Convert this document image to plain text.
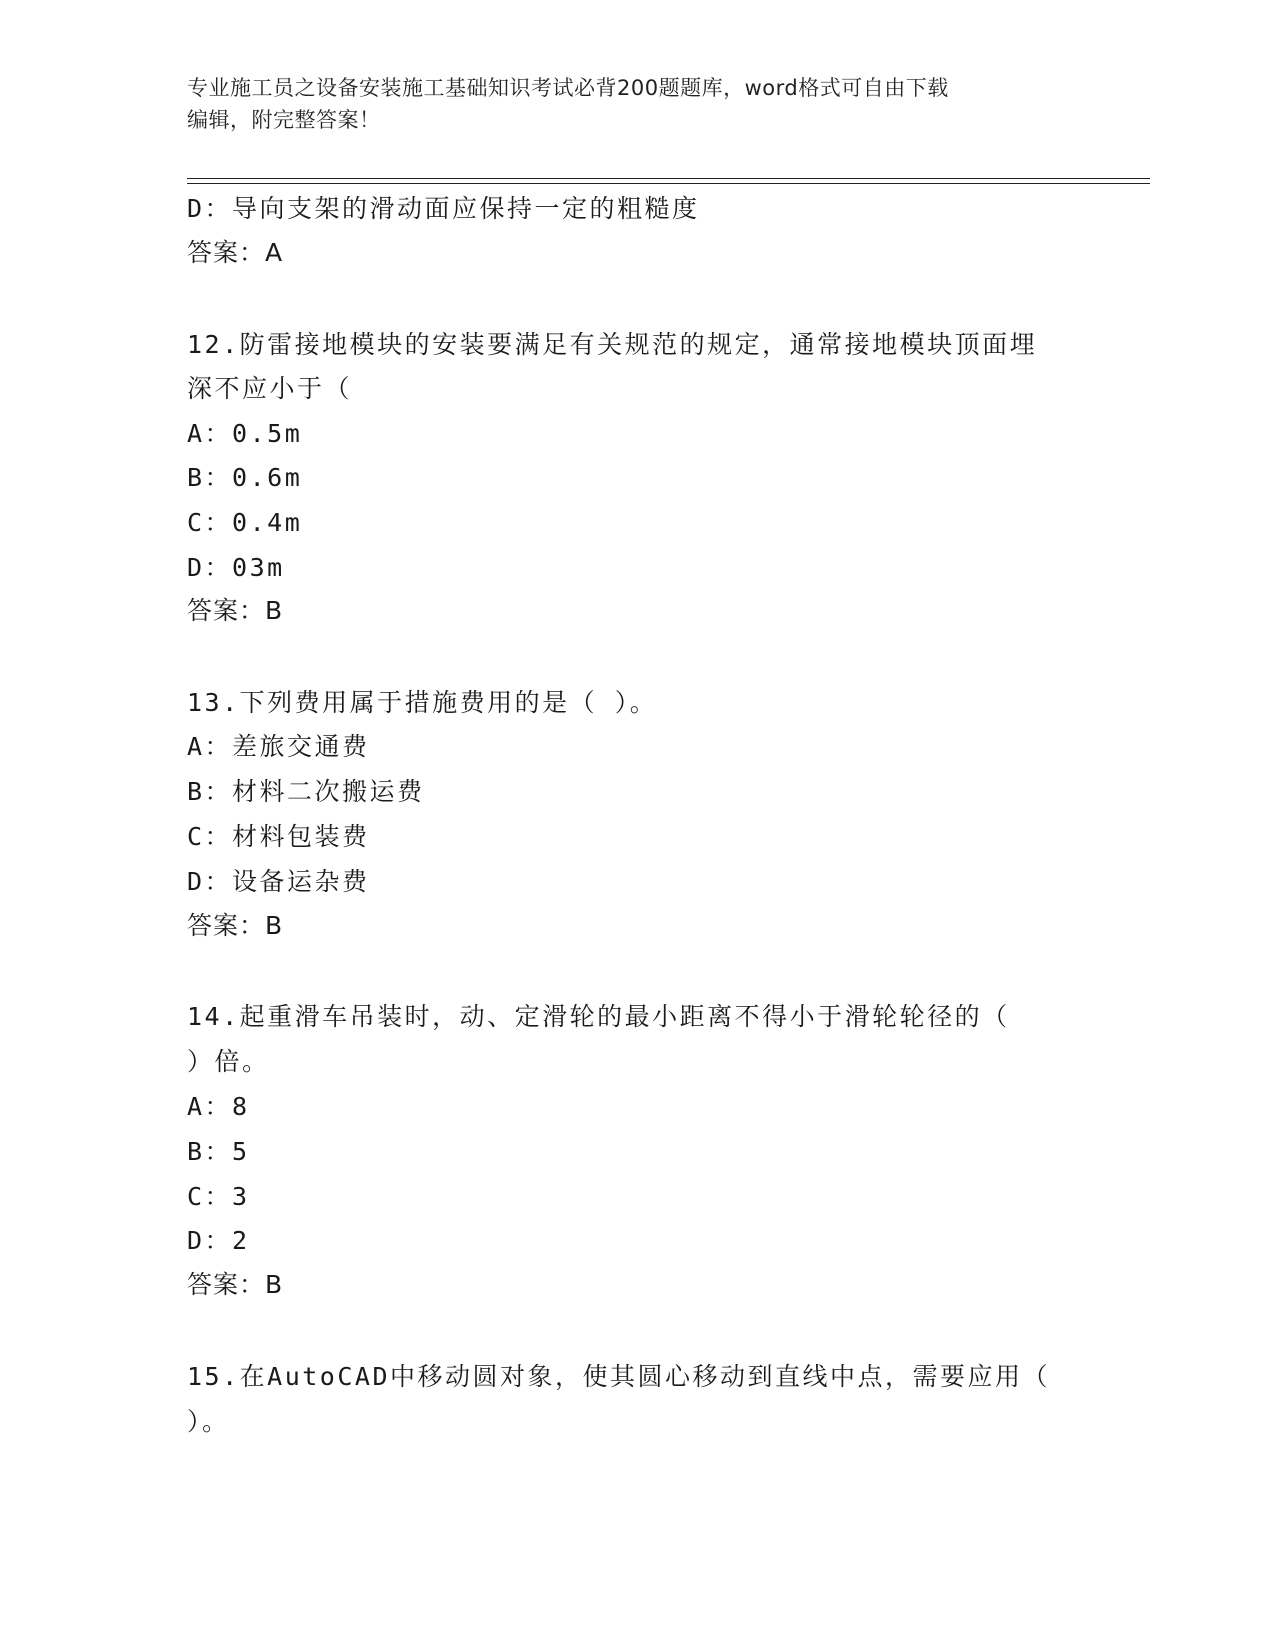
专业施工员之设备安装施工基础知识考试必背200题题库，word格式可自由下载
编辑，附完整答案！
D：导向支架的滑动面应保持一定的粗糙度
答案：A
12.防雷接地模块的安装要满足有关规范的规定，通常接地模块顶面埋
深不应小于（
A：0.5m
B：0.6m
C：0.4m
D：03m
答案：B
13.下列费用属于措施费用的是（ ）。
A：差旅交通费
B：材料二次搬运费
C：材料包装费
D：设备运杂费
答案：B
14.起重滑车吊装时，动、定滑轮的最小距离不得小于滑轮轮径的（
）倍。
A：8
B：5
C：3
D：2
答案：B
15.在AutoCAD中移动圆对象，使其圆心移动到直线中点，需要应用（
）。
